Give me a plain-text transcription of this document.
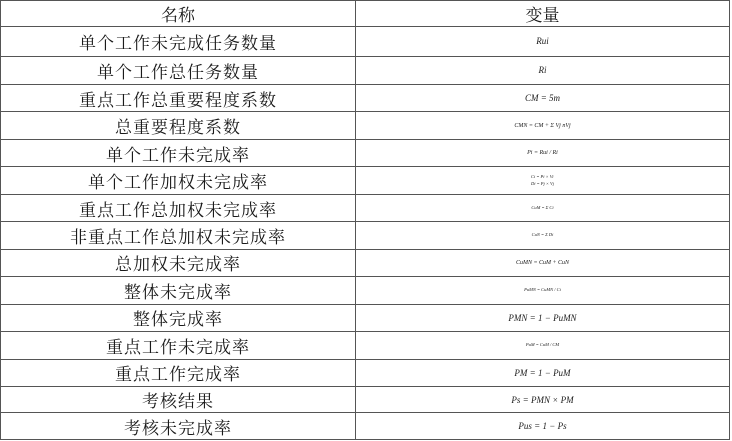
名称	变量
单个工作未完成任务数量	Rui

单个工作总任务数量	Ri

重点工作总重要程度系数	CM = 5m

总重要程度系数	CMN = CM + Σ Vj nVj

单个工作未完成率	Pi = Rui / Ri

单个工作加权未完成率	Ci = Pi × Vi
Di = Pj × Vj

重点工作总加权未完成率	CuM = Σ Ci

非重点工作总加权未完成率	CuN = Σ Di

总加权未完成率	CuMN = CuM + CuN

整体未完成率	PuMN = CuMN / Ci

整体完成率	PMN = 1 − PuMN

重点工作未完成率	PuM = CuM / CM

重点工作完成率	PM = 1 − PuM

考核结果	Ps = PMN × PM

考核未完成率	Pus = 1 − Ps
